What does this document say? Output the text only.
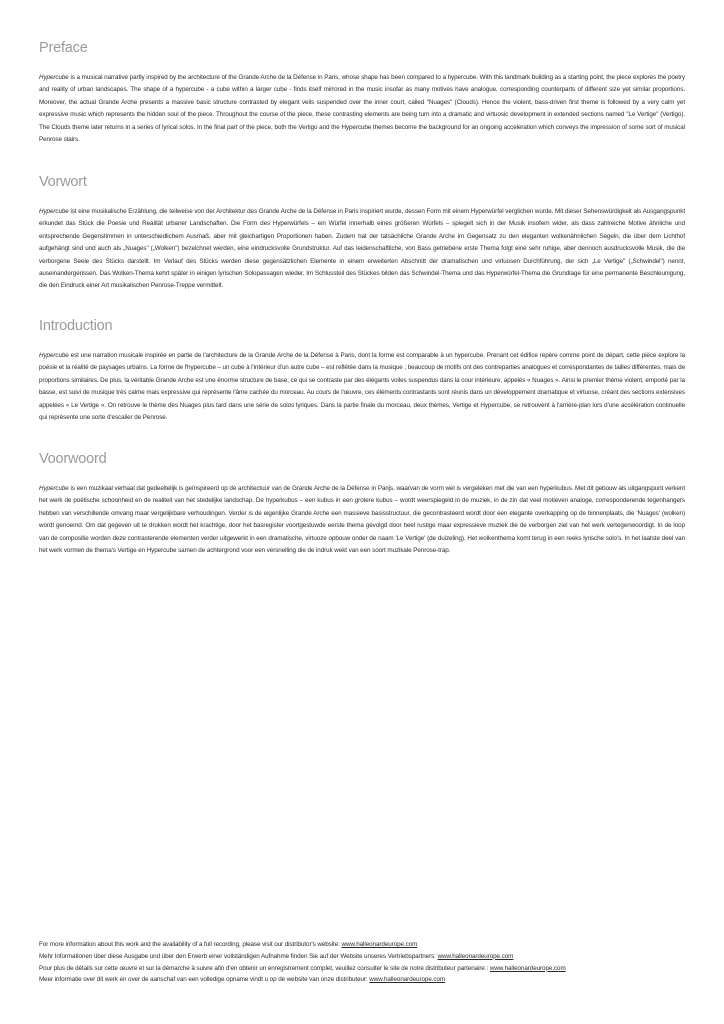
Preface

Hypercube is a musical narrative partly inspired by the architecture of the Grande Arche de la Défense in Paris, whose shape has been compared to a hypercube. With this landmark building as a starting point, the piece explores the poetry and reality of urban landscapes. The shape of a hypercube - a cube within a larger cube - finds itself mirrored in the music insofar as many motives have analogue, corresponding counterparts of different size yet similar proportions. Moreover, the actual Grande Arche presents a massive basic structure contrasted by elegant veils suspended over the inner court, called "Nuages" (Clouds). Hence the violent, bass-driven first theme is followed by a very calm yet expressive music which represents the hidden soul of the piece. Throughout the course of the piece, these contrasting elements are being turn into a dramatic and virtuosic development in extended sections named "Le Vertige" (Vertigo). The Clouds theme later returns in a series of lyrical solos. In the final part of the piece, both the Vertigo and the Hypercube themes become the background for an ongoing acceleration which conveys the impression of some sort of musical Penrose stairs.

Vorwort

Hypercube ist eine musikalische Erzählung, die teilweise von der Architektur des Grande Arche de la Défense in Paris inspiriert wurde, dessen Form mit einem Hyperwürfel verglichen wurde. Mit dieser Sehenswürdigkeit als Ausgangspunkt erkundet das Stück die Poesie und Realität urbaner Landschaften. Die Form des Hyperwürfels – ein Würfel innerhalb eines größeren Würfels – spiegelt sich in der Musik insofern wider, als dass zahlreiche Motive ähnliche und entsprechende Gegenstimmen in unterschiedlichem Ausmaß, aber mit gleichartigen Proportionen haben. Zudem hat der tatsächliche Grande Arche im Gegensatz zu den eleganten wolkenähnlichen Segeln, die über dem Lichthof aufgehängt sind und auch als „Nuages" („Wolken") bezeichnet werden, eine eindrucksvolle Grundstruktur. Auf das leidenschaftliche, von Bass getriebene erste Thema folgt eine sehr ruhige, aber dennoch ausdrucksvolle Musik, die die verborgene Seele des Stücks darstellt. Im Verlauf des Stücks werden diese gegensätzlichen Elemente in einem erweiterten Abschnitt der dramatischen und virtuosen Durchführung, der sich „Le Vertige" („Schwindel") nennt, auseinandergerissen. Das Wolken-Thema kehrt später in einigen lyrischen Solopassagen wieder. Im Schlussteil des Stückes bilden das Schwindel-Thema und das Hyperwürfel-Thema die Grundlage für eine permanente Beschleunigung, die den Eindruck einer Art musikalischen Penrose-Treppe vermittelt.

Introduction

Hypercube est une narration musicale inspirée en partie de l'architecture de la Grande Arche de la Défense à Paris, dont la forme est comparable à un hypercube. Prenant cet édifice repère comme point de départ, cette pièce explore la poésie et la réalité de paysages urbains. La forme de l'hypercube – un cube à l'intérieur d'un autre cube – est reflétée dans la musique ; beaucoup de motifs ont des contreparties analogues et correspondantes de tailles différentes, mais de proportions similaires. De plus, la véritable Grande Arche est une énorme structure de base, ce qui se contraste par des élégants voiles suspendus dans la cour intérieure, appelés « Nuages ». Ainsi le premier thème violent, emporté par la basse, est suivi de musique très calme mais expressive qui représente l'âme cachée du morceau. Au cours de l'œuvre, ces éléments contrastants sont réunis dans un développement dramatique et virtuose, créant des sections extensives appelées « Le Vertige ». On retrouve le thème des Nuages plus tard dans une série de solos lyriques. Dans la partie finale du morceau, deux thèmes, Vertige et Hypercube, se retrouvent à l'arrière-plan lors d'une accélération continuelle qui représente une sorte d'escalier de Penrose.

Voorwoord

Hypercube is een muzikaal verhaal dat gedeeltelijk is geïnspireerd op de architectuur van de Grande Arche de la Défense in Parijs, waarvan de vorm wel is vergeleken met die van een hyperkubus. Met dit gebouw als uitgangspunt verkent het werk de poëtische schoonheid en de realiteit van het stedelijke landschap. De hyperkubus – een kubus in een grotere kubus – wordt weerspiegeld in de muziek, in de zin dat veel motieven analoge, corresponderende tegenhangers hebben van verschillende omvang maar vergelijkbare verhoudingen. Verder is de eigenlijke Grande Arche een massieve basisstructuur, die gecontrasteerd wordt door een elegante overkapping op de binnenplaats, die 'Nuages' (wolken) wordt genoemd. Om dat gegeven uit te drukken wordt het krachtige, door het basregister voortgestuwde eerste thema gevolgd door heel rustige maar expressieve muziek die de verborgen ziel van het werk vertegenwoordigt. In de loop van de compositie worden deze contrasterende elementen verder uitgewerkt in een dramatische, virtuoze opbouw onder de naam 'Le Vertige' (de duizeling). Het wolkenthema komt terug in een reeks lyrische solo's. In het laatste deel van het werk vormen de thema's Vertige en Hypercube samen de achtergrond voor een versnelling die de indruk wekt van een soort muzikale Penrose-trap.

For more information about this work and the availability of a full recording, please visit our distributor's website: www.halleonardeurope.com
Mehr Informationen über diese Ausgabe und über den Erwerb einer vollständigen Aufnahme finden Sie auf der Website unseres Vertriebspartners: www.halleonardeurope.com
Pour plus de détails sur cette œuvre et sur la démarche à suivre afin d'en obtenir un enregistrement complet, veuillez consulter le site de notre distributeur partenaire : www.halleonardeurope.com
Meer informatie over dit werk en over de aanschaf van een volledige opname vindt u op de website van onze distributeur: www.halleonardeurope.com
